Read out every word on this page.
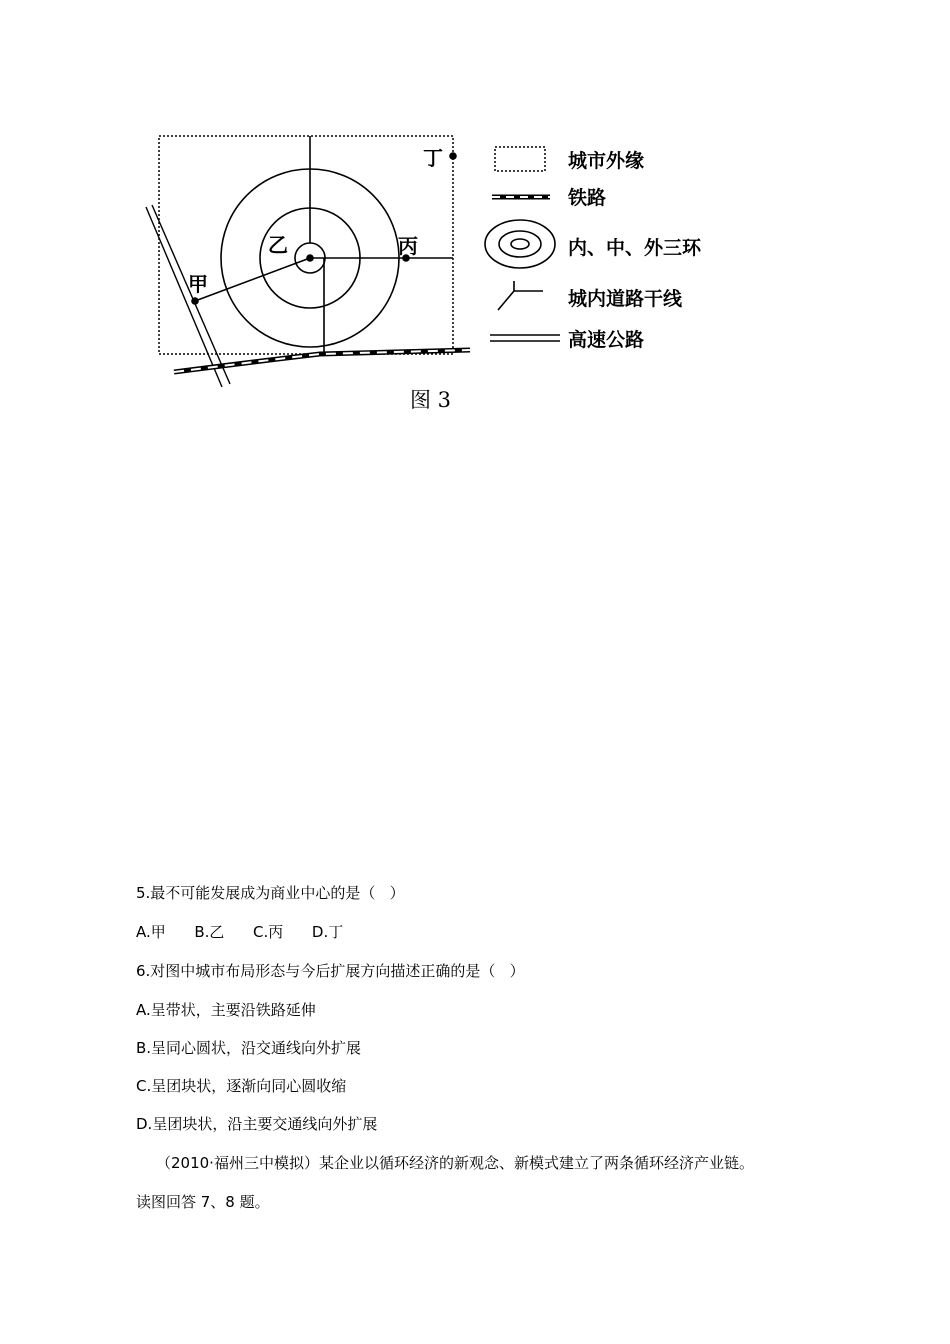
甲
乙	丙
丁	城市外缘
铁路
内、中、外三环
城内道路干线
高速公路
图 3
5.最不可能发展成为商业中心的是（   ）
A.甲      B.乙      C.丙      D.丁
6.对图中城市布局形态与今后扩展方向描述正确的是（   ）
A.呈带状，主要沿铁路延伸
B.呈同心圆状，沿交通线向外扩展
C.呈团块状，逐渐向同心圆收缩
D.呈团块状，沿主要交通线向外扩展
（2010·福州三中模拟）某企业以循环经济的新观念、新模式建立了两条循环经济产业链。
读图回答 7、8 题。
